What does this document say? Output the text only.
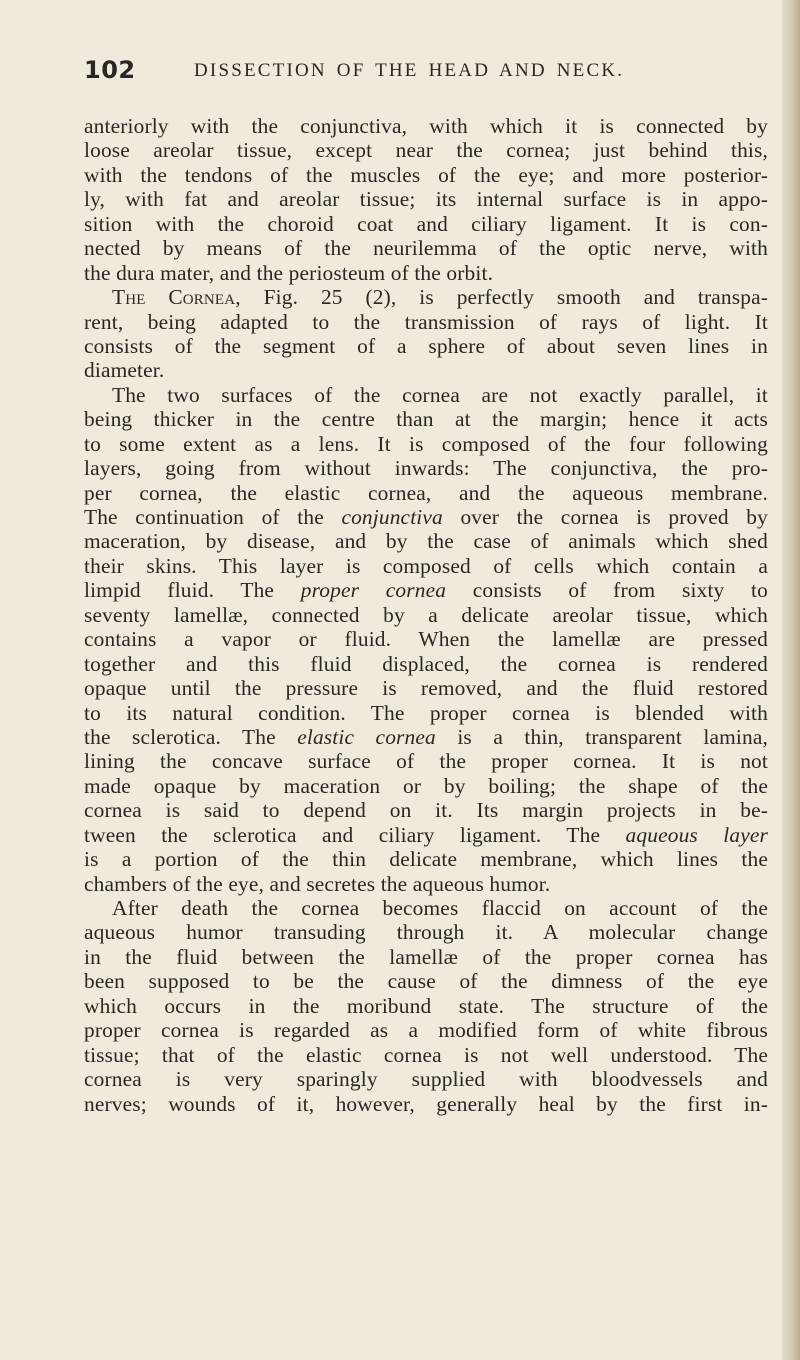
102	DISSECTION OF THE HEAD AND NECK.
anteriorly with the conjunctiva, with which it is connected by
loose areolar tissue, except near the cornea; just behind this,
with the tendons of the muscles of the eye; and more posterior-
ly, with fat and areolar tissue; its internal surface is in appo-
sition with the choroid coat and ciliary ligament. It is con-
nected by means of the neurilemma of the optic nerve, with
the dura mater, and the periosteum of the orbit.
The Cornea, Fig. 25 (2), is perfectly smooth and transpa-
rent, being adapted to the transmission of rays of light. It
consists of the segment of a sphere of about seven lines in
diameter.
The two surfaces of the cornea are not exactly parallel, it
being thicker in the centre than at the margin; hence it acts
to some extent as a lens. It is composed of the four following
layers, going from without inwards: The conjunctiva, the pro-
per cornea, the elastic cornea, and the aqueous membrane.
The continuation of the conjunctiva over the cornea is proved by
maceration, by disease, and by the case of animals which shed
their skins. This layer is composed of cells which contain a
limpid fluid. The proper cornea consists of from sixty to
seventy lamellæ, connected by a delicate areolar tissue, which
contains a vapor or fluid. When the lamellæ are pressed
together and this fluid displaced, the cornea is rendered
opaque until the pressure is removed, and the fluid restored
to its natural condition. The proper cornea is blended with
the sclerotica. The elastic cornea is a thin, transparent lamina,
lining the concave surface of the proper cornea. It is not
made opaque by maceration or by boiling; the shape of the
cornea is said to depend on it. Its margin projects in be-
tween the sclerotica and ciliary ligament. The aqueous layer
is a portion of the thin delicate membrane, which lines the
chambers of the eye, and secretes the aqueous humor.
After death the cornea becomes flaccid on account of the
aqueous humor transuding through it. A molecular change
in the fluid between the lamellæ of the proper cornea has
been supposed to be the cause of the dimness of the eye
which occurs in the moribund state. The structure of the
proper cornea is regarded as a modified form of white fibrous
tissue; that of the elastic cornea is not well understood. The
cornea is very sparingly supplied with bloodvessels and
nerves; wounds of it, however, generally heal by the first in-
